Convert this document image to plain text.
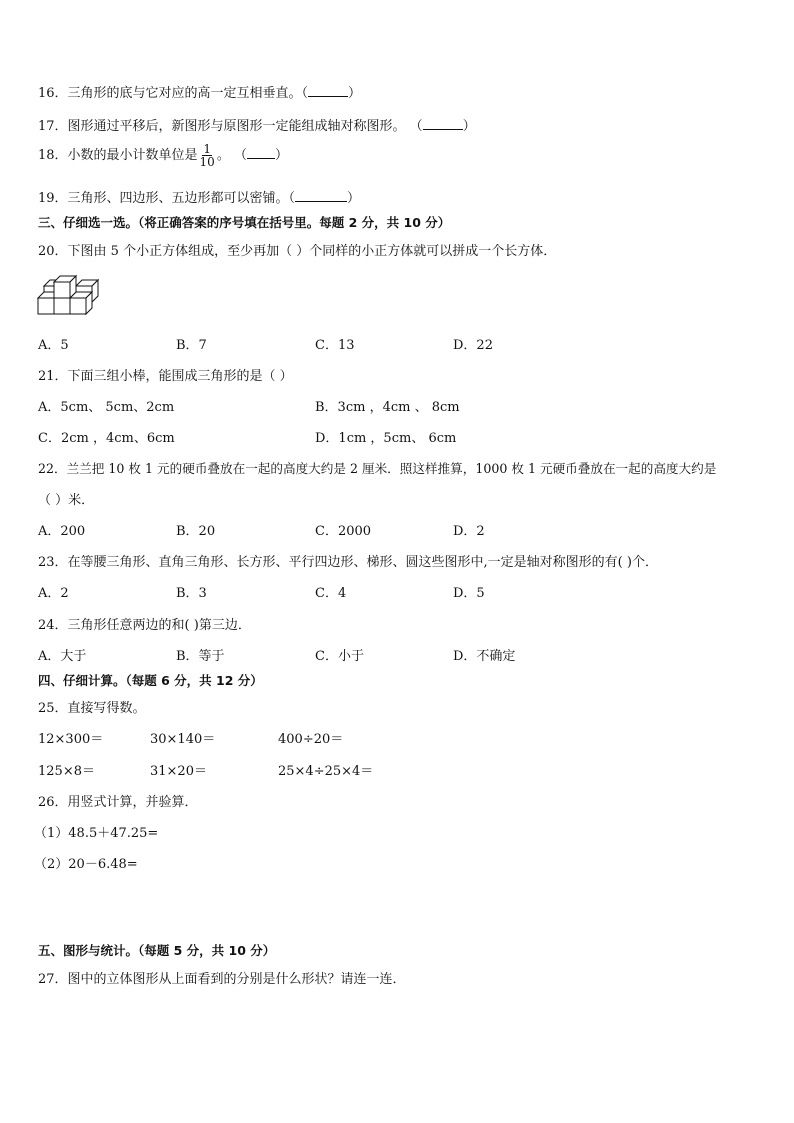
16．三角形的底与它对应的高一定互相垂直。（	）
17．图形通过平移后，新图形与原图形一定能组成轴对称图形。 （	）
18．小数的最小计数单位是 $\frac{1}{10}$ 。 （ ）
19．三角形、四边形、五边形都可以密铺。（	）
三、仔细选一选。（将正确答案的序号填在括号里。每题 2 分，共 10 分）
20．下图由 5 个小正方体组成，至少再加（ ）个同样的小正方体就可以拼成一个长方体．
A．5	B．7	C．13	D．22
21．下面三组小棒，能围成三角形的是（ ）
A．5cm、 5cm、2cm	B．3cm ，4cm 、 8cm
C．2cm ，4cm、6cm	D．1cm ，5cm、 6cm
22．兰兰把 10 枚 1 元的硬币叠放在一起的高度大约是 2 厘米．照这样推算，1000 枚 1 元硬币叠放在一起的高度大约是
（ ）米．
A．200	B．20	C．2000	D．2
23．在等腰三角形、直角三角形、长方形、平行四边形、梯形、圆这些图形中,一定是轴对称图形的有( )个．
A．2	B．3	C．4	D．5
24．三角形任意两边的和( )第三边．
A．大于	B．等于	C．小于	D．不确定
四、仔细计算。（每题 6 分，共 12 分）
25．直接写得数。
12×300＝	30×140＝	400÷20＝
125×8＝	31×20＝	25×4÷25×4＝
26．用竖式计算，并验算．
（1）48.5＋47.25=
（2）20－6.48=
五、图形与统计。（每题 5 分，共 10 分）
27．图中的立体图形从上面看到的分别是什么形状？请连一连．
